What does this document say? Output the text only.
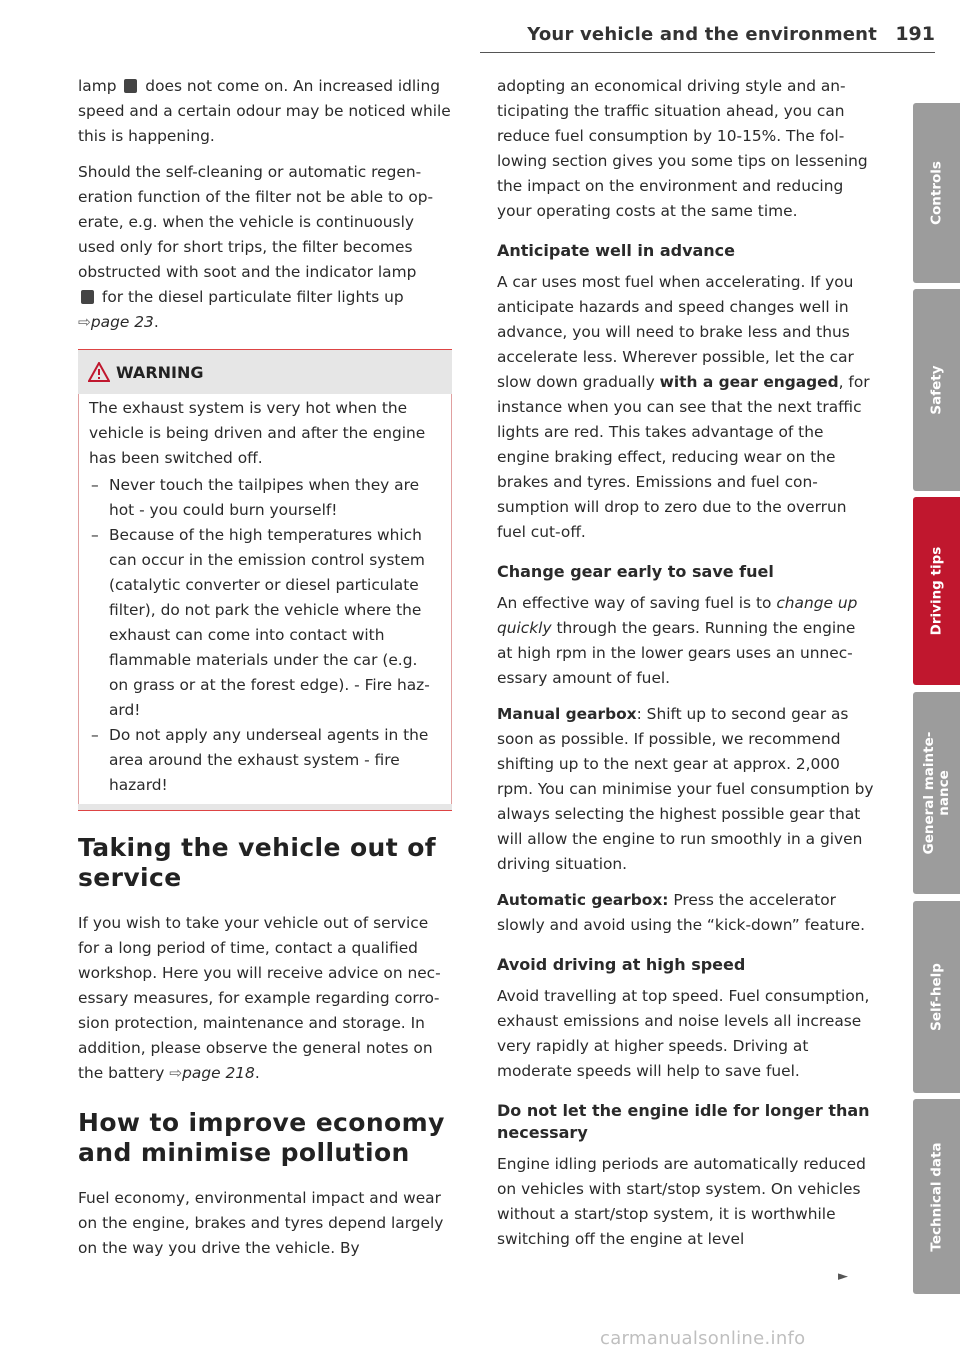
Your vehicle and the environment 191

lamp does not come on. An increased idling speed and a certain odour may be noticed while this is happening.

Should the self-cleaning or automatic regeneration function of the filter not be able to operate, e.g. when the vehicle is continuously used only for short trips, the filter becomes obstructed with soot and the indicator lamp
for the diesel particulate filter lights up
⇨page 23.

WARNING

The exhaust system is very hot when the vehicle is being driven and after the engine has been switched off.

– Never touch the tailpipes when they are hot - you could burn yourself!
– Because of the high temperatures which can occur in the emission control system (catalytic converter or diesel particulate filter), do not park the vehicle where the exhaust can come into contact with flammable materials under the car (e.g. on grass or at the forest edge). - Fire hazard!
– Do not apply any underseal agents in the area around the exhaust system - fire hazard!
Taking the vehicle out of service

If you wish to take your vehicle out of service for a long period of time, contact a qualified workshop. Here you will receive advice on necessary measures, for example regarding corrosion protection, maintenance and storage. In addition, please observe the general notes on the battery ⇨page 218.

How to improve economy and minimise pollution

Fuel economy, environmental impact and wear on the engine, brakes and tyres depend largely on the way you drive the vehicle. By

adopting an economical driving style and anticipating the traffic situation ahead, you can reduce fuel consumption by 10-15%. The following section gives you some tips on lessening the impact on the environment and reducing your operating costs at the same time.

Anticipate well in advance

A car uses most fuel when accelerating. If you anticipate hazards and speed changes well in advance, you will need to brake less and thus accelerate less. Wherever possible, let the car slow down gradually with a gear engaged, for instance when you can see that the next traffic lights are red. This takes advantage of the engine braking effect, reducing wear on the brakes and tyres. Emissions and fuel consumption will drop to zero due to the overrun fuel cut-off.

Change gear early to save fuel

An effective way of saving fuel is to change up quickly through the gears. Running the engine at high rpm in the lower gears uses an unnecessary amount of fuel.

Manual gearbox: Shift up to second gear as soon as possible. If possible, we recommend shifting up to the next gear at approx. 2,000 rpm. You can minimise your fuel consumption by always selecting the highest possible gear that will allow the engine to run smoothly in a given driving situation.

Automatic gearbox: Press the accelerator slowly and avoid using the “kick-down” feature.

Avoid driving at high speed

Avoid travelling at top speed. Fuel consumption, exhaust emissions and noise levels all increase very rapidly at higher speeds. Driving at moderate speeds will help to save fuel.

Do not let the engine idle for longer than necessary

Engine idling periods are automatically reduced on vehicles with start/stop system. On vehicles without a start/stop system, it is worthwhile switching off the engine at level

►
Controls
Safety
Driving tips
General mainte-
nance
Self-help
Technical data
carmanualsonline.info
